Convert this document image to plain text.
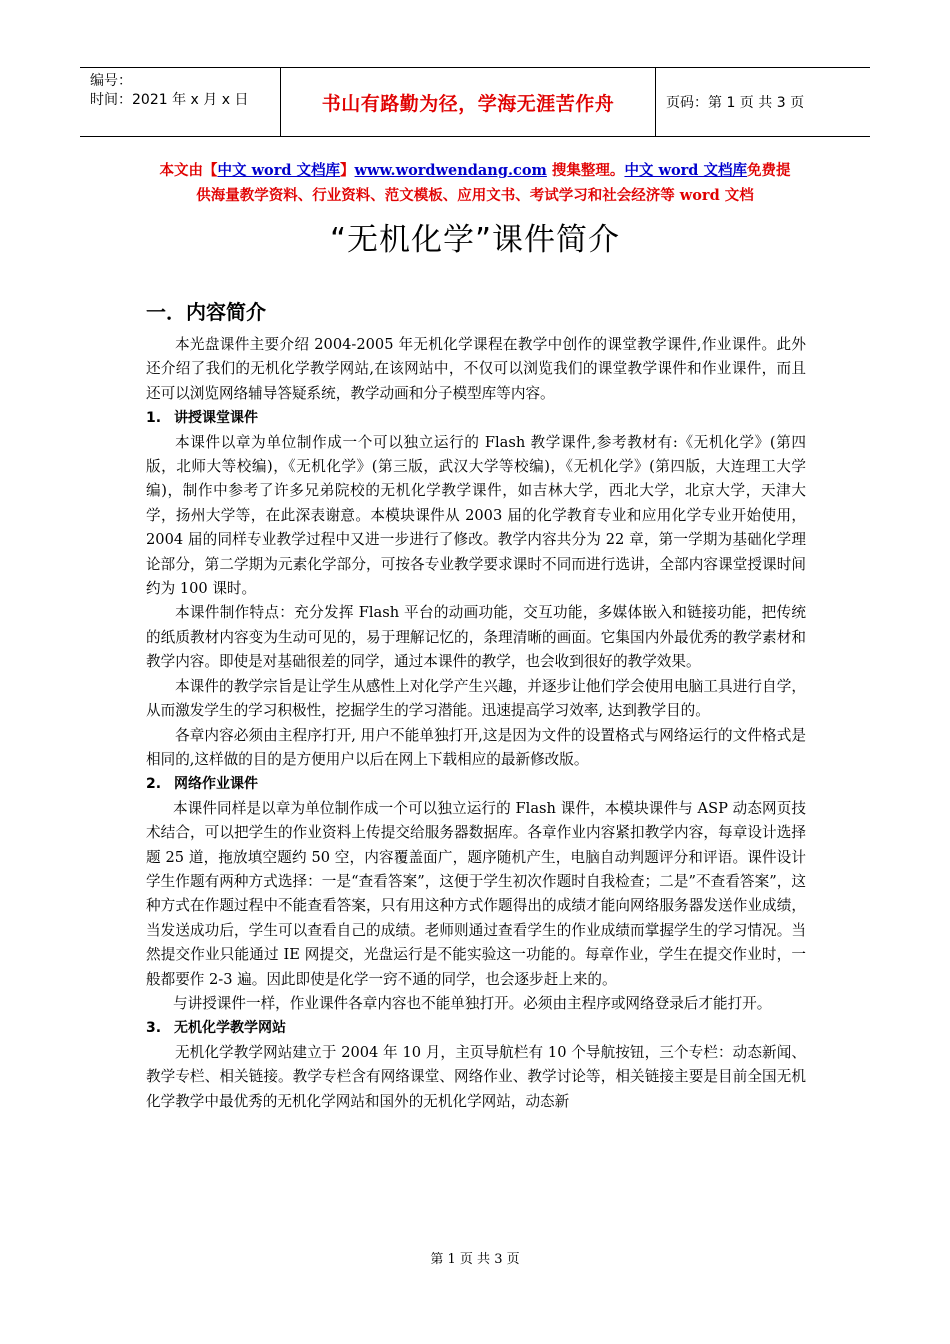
编号：
时间：2021 年 x 月 x 日	书山有路勤为径，学海无涯苦作舟	页码：第 1 页 共 3 页
本文由【中文 word 文档库】www.wordwendang.com 搜集整理。中文 word 文档库免费提
供海量教学资料、行业资料、范文模板、应用文书、考试学习和社会经济等 word 文档
“无机化学”课件简介
一．内容简介

本光盘课件主要介绍 2004-2005 年无机化学课程在教学中创作的课堂教学课件,作业课件。此外还介绍了我们的无机化学教学网站,在该网站中，不仅可以浏览我们的课堂教学课件和作业课件，而且还可以浏览网络辅导答疑系统，教学动画和分子模型库等内容。

1. 讲授课堂课件

本课件以章为单位制作成一个可以独立运行的 Flash 教学课件,参考教材有:《无机化学》(第四版，北师大等校编)，《无机化学》(第三版，武汉大学等校编)，《无机化学》(第四版，大连理工大学编)，制作中参考了许多兄弟院校的无机化学教学课件，如吉林大学，西北大学，北京大学，天津大学，扬州大学等，在此深表谢意。本模块课件从 2003 届的化学教育专业和应用化学专业开始使用，2004 届的同样专业教学过程中又进一步进行了修改。教学内容共分为 22 章，第一学期为基础化学理论部分，第二学期为元素化学部分，可按各专业教学要求课时不同而进行选讲，全部内容课堂授课时间约为 100 课时。

本课件制作特点：充分发挥 Flash 平台的动画功能，交互功能，多媒体嵌入和链接功能，把传统的纸质教材内容变为生动可见的，易于理解记忆的，条理清晰的画面。它集国内外最优秀的教学素材和教学内容。即使是对基础很差的同学，通过本课件的教学，也会收到很好的教学效果。

本课件的教学宗旨是让学生从感性上对化学产生兴趣，并逐步让他们学会使用电脑工具进行自学，从而激发学生的学习积极性，挖掘学生的学习潜能。迅速提高学习效率, 达到教学目的。

各章内容必须由主程序打开, 用户不能单独打开,这是因为文件的设置格式与网络运行的文件格式是相同的,这样做的目的是方便用户以后在网上下载相应的最新修改版。

2. 网络作业课件

本课件同样是以章为单位制作成一个可以独立运行的 Flash 课件，本模块课件与 ASP 动态网页技术结合，可以把学生的作业资料上传提交给服务器数据库。各章作业内容紧扣教学内容，每章设计选择题 25 道，拖放填空题约 50 空，内容覆盖面广，题序随机产生，电脑自动判题评分和评语。课件设计学生作题有两种方式选择：一是“查看答案”，这便于学生初次作题时自我检查；二是”不查看答案”，这种方式在作题过程中不能查看答案，只有用这种方式作题得出的成绩才能向网络服务器发送作业成绩，当发送成功后，学生可以查看自己的成绩。老师则通过查看学生的作业成绩而掌握学生的学习情况。当然提交作业只能通过 IE 网提交，光盘运行是不能实验这一功能的。每章作业，学生在提交作业时，一般都要作 2-3 遍。因此即使是化学一窍不通的同学，也会逐步赶上来的。

与讲授课件一样，作业课件各章内容也不能单独打开。必须由主程序或网络登录后才能打开。

3. 无机化学教学网站

无机化学教学网站建立于 2004 年 10 月，主页导航栏有 10 个导航按钮，三个专栏：动态新闻、教学专栏、相关链接。教学专栏含有网络课堂、网络作业、教学讨论等，相关链接主要是目前全国无机化学教学中最优秀的无机化学网站和国外的无机化学网站，动态新

第 1 页 共 3 页
